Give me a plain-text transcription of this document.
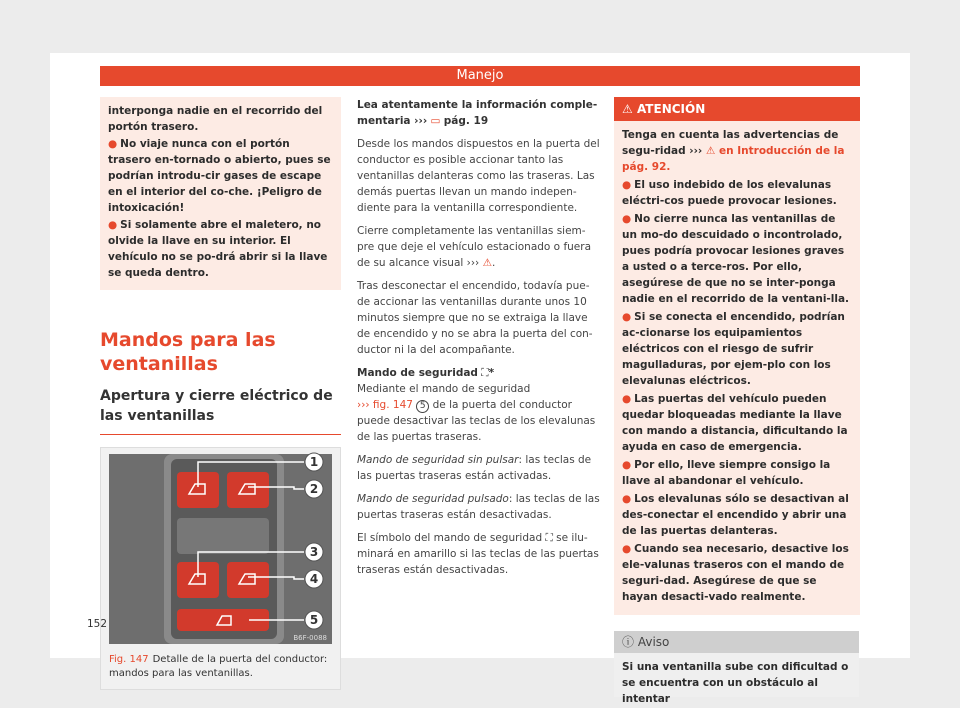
Manejo

interponga nadie en el recorrido del portón trasero.

● No viaje nunca con el portón trasero en-tornado o abierto, pues se podrían introdu-cir gases de escape en el interior del co-che. ¡Peligro de intoxicación!

● Si solamente abre el maletero, no olvide la llave en su interior. El vehículo no se po-drá abrir si la llave se queda dentro.

Mandos para las ventanillas
Apertura y cierre eléctrico de las ventanillas
1
2
3
4
5
B6F-0088
Fig. 147 Detalle de la puerta del conductor: mandos para las ventanillas.

Lea atentamente la información comple-mentaria ››› ▭ pág. 19

Desde los mandos dispuestos en la puerta del conductor es posible accionar tanto las ventanillas delanteras como las traseras. Las demás puertas llevan un mando indepen-diente para la ventanilla correspondiente.

Cierre completamente las ventanillas siem-pre que deje el vehículo estacionado o fuera de su alcance visual ››› ⚠.

Tras desconectar el encendido, todavía pue-de accionar las ventanillas durante unos 10 minutos siempre que no se extraiga la llave de encendido y no se abra la puerta del con-ductor ni la del acompañante.

Mando de seguridad ⛶*

Mediante el mando de seguridad
››› fig. 147 5 de la puerta del conductor puede desactivar las teclas de los elevalunas de las puertas traseras.

Mando de seguridad sin pulsar: las teclas de las puertas traseras están activadas.

Mando de seguridad pulsado: las teclas de las puertas traseras están desactivadas.

El símbolo del mando de seguridad ⛶ se ilu-minará en amarillo si las teclas de las puertas traseras están desactivadas.

⚠ ATENCIÓN

Tenga en cuenta las advertencias de segu-ridad ››› ⚠ en Introducción de la pág. 92.

● El uso indebido de los elevalunas eléctri-cos puede provocar lesiones.

● No cierre nunca las ventanillas de un mo-do descuidado o incontrolado, pues podría provocar lesiones graves a usted o a terce-ros. Por ello, asegúrese de que no se inter-ponga nadie en el recorrido de la ventani-lla.

● Si se conecta el encendido, podrían ac-cionarse los equipamientos eléctricos con el riesgo de sufrir magulladuras, por ejem-plo con los elevalunas eléctricos.

● Las puertas del vehículo pueden quedar bloqueadas mediante la llave con mando a distancia, dificultando la ayuda en caso de emergencia.

● Por ello, lleve siempre consigo la llave al abandonar el vehículo.

● Los elevalunas sólo se desactivan al des-conectar el encendido y abrir una de las puertas delanteras.

● Cuando sea necesario, desactive los ele-valunas traseros con el mando de seguri-dad. Asegúrese de que se hayan desacti-vado realmente.

ⓘ Aviso
Si una ventanilla sube con dificultad o se encuentra con un obstáculo al intentar
152
